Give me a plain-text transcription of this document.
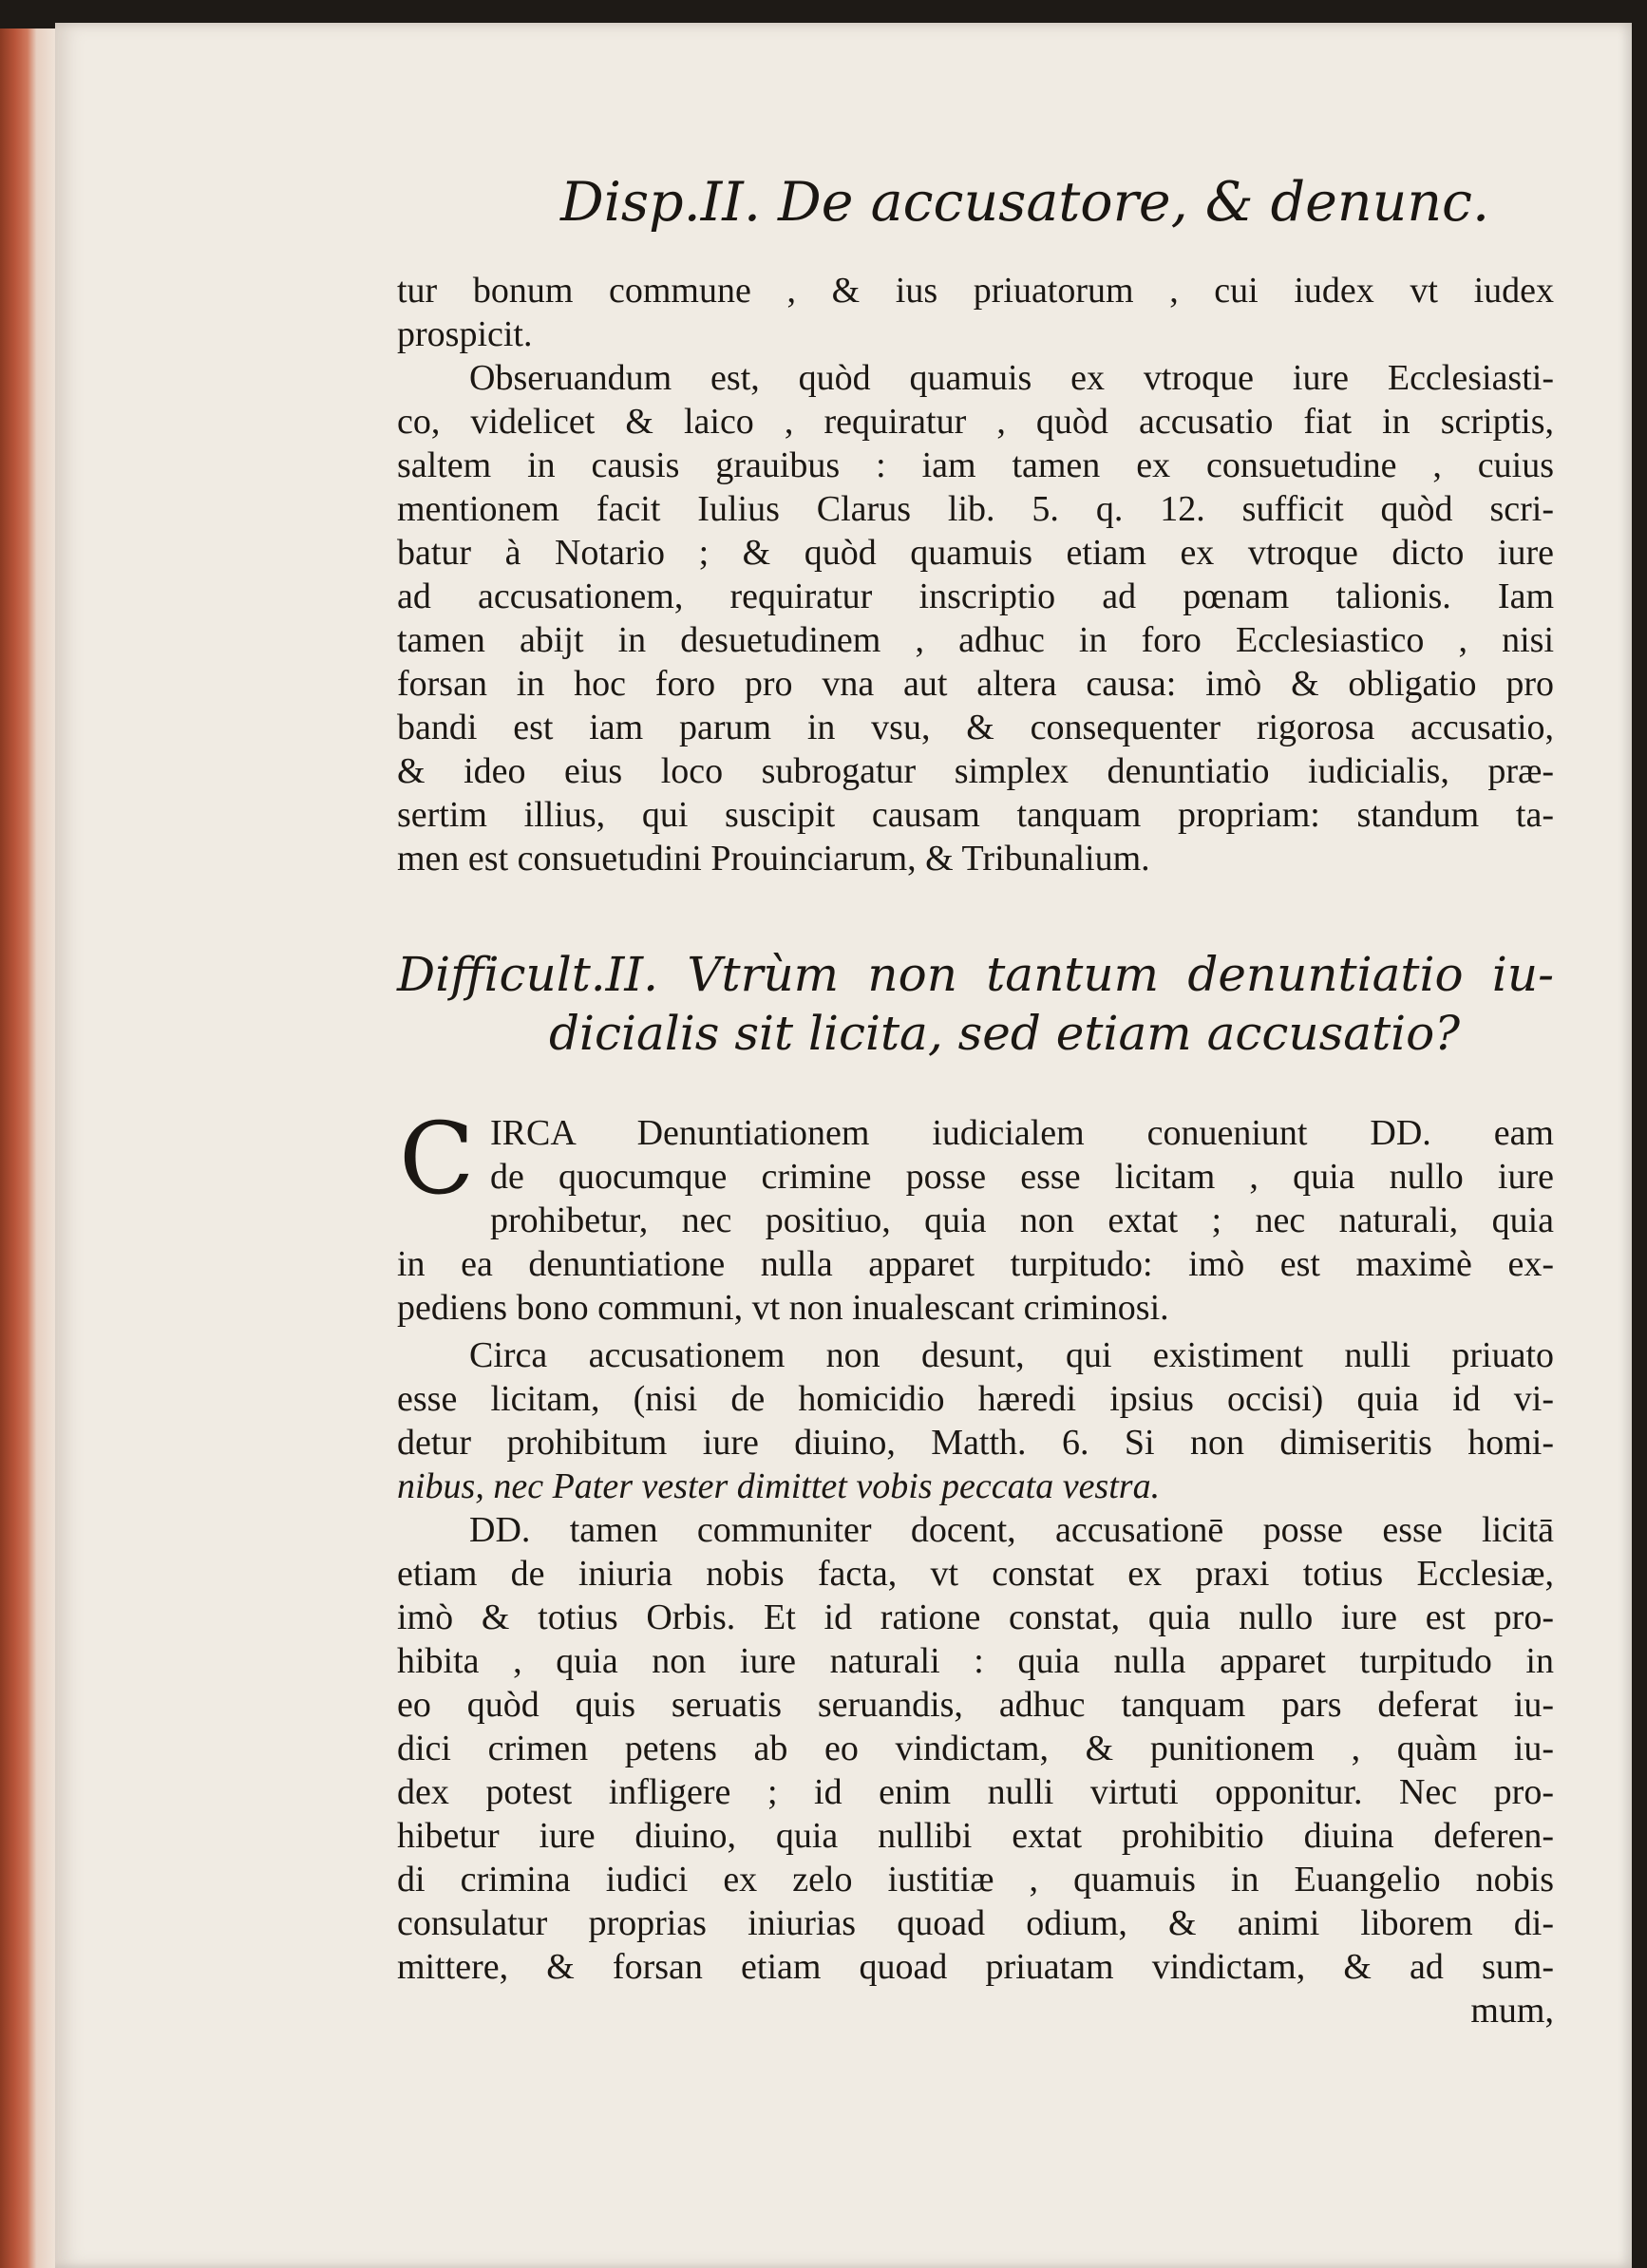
Disp.II. De accusatore, & denunc.
tur bonum commune , & ius priuatorum , cui iudex vt iudex
prospicit.
Obseruandum est, quòd quamuis ex vtroque iure Ecclesiasti-
co, videlicet & laico , requiratur , quòd accusatio fiat in scriptis,
saltem in causis grauibus : iam tamen ex consuetudine , cuius
mentionem facit Iulius Clarus lib. 5. q. 12. sufficit quòd scri-
batur à Notario ; & quòd quamuis etiam ex vtroque dicto iure
ad accusationem, requiratur inscriptio ad pœnam talionis. Iam
tamen abijt in desuetudinem , adhuc in foro Ecclesiastico , nisi
forsan in hoc foro pro vna aut altera causa: imò & obligatio pro
bandi est iam parum in vsu, & consequenter rigorosa accusatio,
& ideo eius loco subrogatur simplex denuntiatio iudicialis, præ-
sertim illius, qui suscipit causam tanquam propriam: standum ta-
men est consuetudini Prouinciarum, & Tribunalium.
Difficult.II. Vtrùm non tantum denuntiatio iu-
dicialis sit licita, sed etiam accusatio?
C IRCA Denuntiationem iudicialem conueniunt DD. eam
de quocumque crimine posse esse licitam , quia nullo iure
prohibetur, nec positiuo, quia non extat ; nec naturali, quia
in ea denuntiatione nulla apparet turpitudo: imò est maximè ex-
pediens bono communi, vt non inualescant criminosi.
Circa accusationem non desunt, qui existiment nulli priuato
esse licitam, (nisi de homicidio hæredi ipsius occisi) quia id vi-
detur prohibitum iure diuino, Matth. 6. Si non dimiseritis homi-
nibus, nec Pater vester dimittet vobis peccata vestra.
DD. tamen communiter docent, accusationē posse esse licitā
etiam de iniuria nobis facta, vt constat ex praxi totius Ecclesiæ,
imò & totius Orbis. Et id ratione constat, quia nullo iure est pro-
hibita , quia non iure naturali : quia nulla apparet turpitudo in
eo quòd quis seruatis seruandis, adhuc tanquam pars deferat iu-
dici crimen petens ab eo vindictam, & punitionem , quàm iu-
dex potest infligere ; id enim nulli virtuti opponitur. Nec pro-
hibetur iure diuino, quia nullibi extat prohibitio diuina deferen-
di crimina iudici ex zelo iustitiæ , quamuis in Euangelio nobis
consulatur proprias iniurias quoad odium, & animi liborem di-
mittere, & forsan etiam quoad priuatam vindictam, & ad sum-
mum,
